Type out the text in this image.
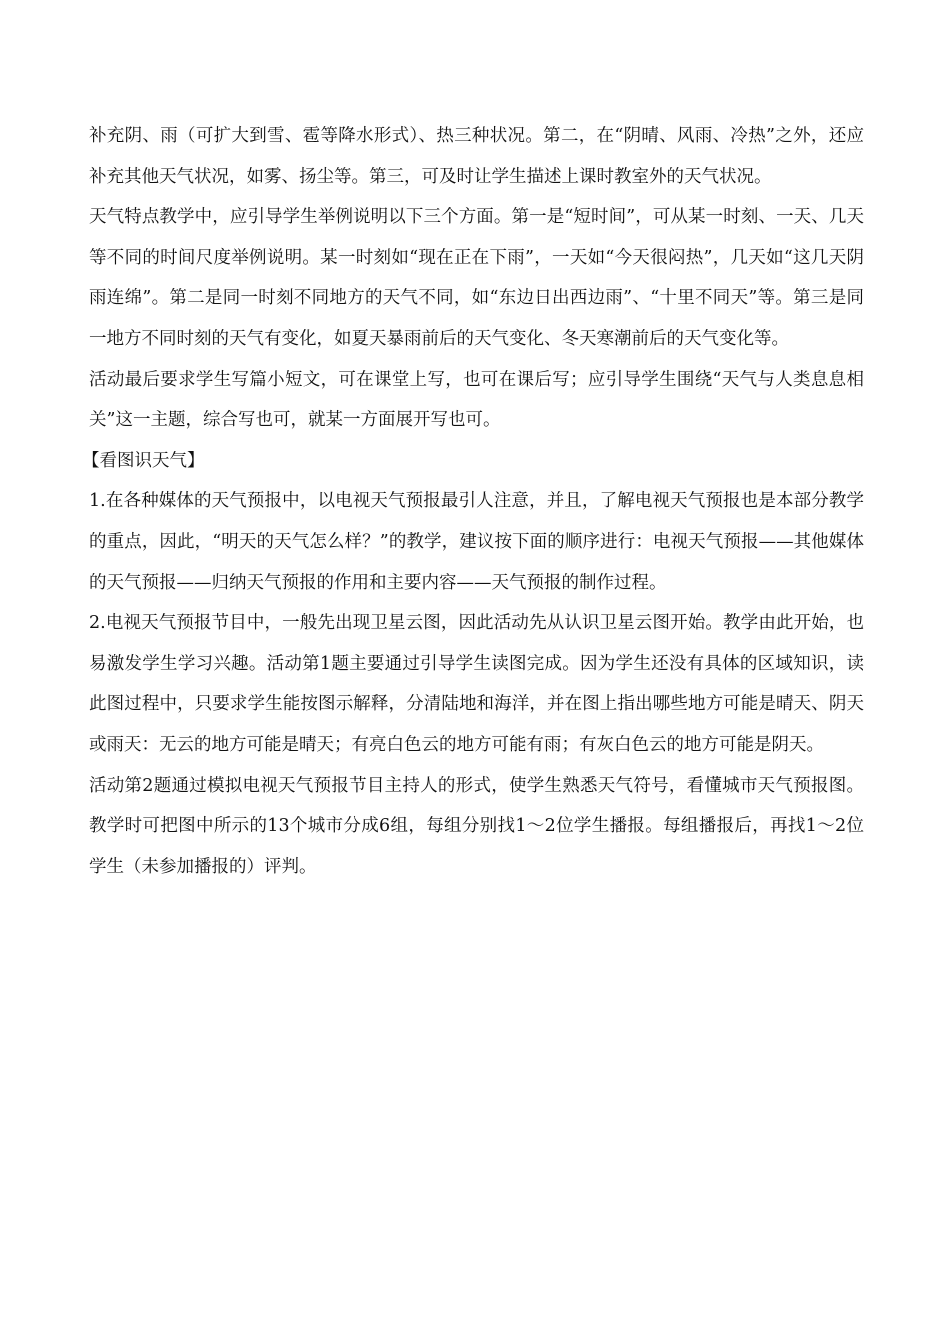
补充阴、雨（可扩大到雪、雹等降水形式）、热三种状况。第二，在“阴晴、风雨、冷热”之外，还应补充其他天气状况，如雾、扬尘等。第三，可及时让学生描述上课时教室外的天气状况。

天气特点教学中，应引导学生举例说明以下三个方面。第一是“短时间”，可从某一时刻、一天、几天等不同的时间尺度举例说明。某一时刻如“现在正在下雨”，一天如“今天很闷热”，几天如“这几天阴雨连绵”。第二是同一时刻不同地方的天气不同，如“东边日出西边雨”、“十里不同天”等。第三是同一地方不同时刻的天气有变化，如夏天暴雨前后的天气变化、冬天寒潮前后的天气变化等。

活动最后要求学生写篇小短文，可在课堂上写，也可在课后写；应引导学生围绕“天气与人类息息相关”这一主题，综合写也可，就某一方面展开写也可。

【看图识天气】

1.在各种媒体的天气预报中，以电视天气预报最引人注意，并且，了解电视天气预报也是本部分教学的重点，因此，“明天的天气怎么样？”的教学，建议按下面的顺序进行：电视天气预报——其他媒体的天气预报——归纳天气预报的作用和主要内容——天气预报的制作过程。

2.电视天气预报节目中，一般先出现卫星云图，因此活动先从认识卫星云图开始。教学由此开始，也易激发学生学习兴趣。活动第1题主要通过引导学生读图完成。因为学生还没有具体的区域知识，读此图过程中，只要求学生能按图示解释，分清陆地和海洋，并在图上指出哪些地方可能是晴天、阴天或雨天：无云的地方可能是晴天；有亮白色云的地方可能有雨；有灰白色云的地方可能是阴天。

活动第2题通过模拟电视天气预报节目主持人的形式，使学生熟悉天气符号，看懂城市天气预报图。教学时可把图中所示的13个城市分成6组，每组分别找1～2位学生播报。每组播报后，再找1～2位学生（未参加播报的）评判。
